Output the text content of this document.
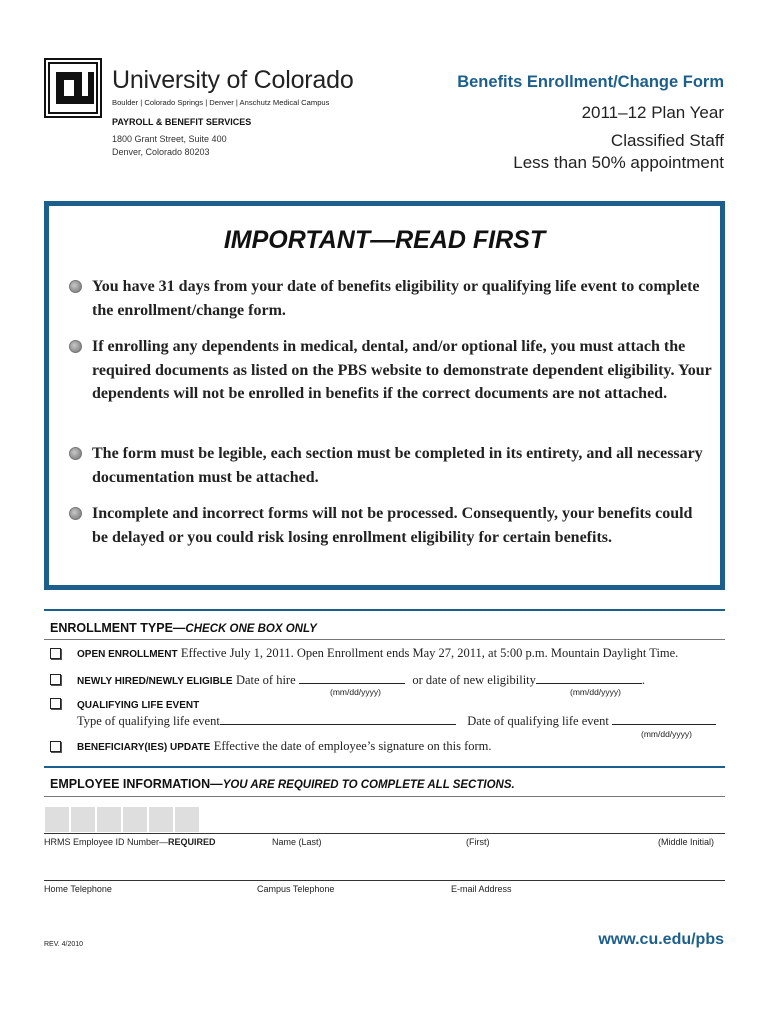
University of Colorado
Boulder | Colorado Springs | Denver | Anschutz Medical Campus
PAYROLL & BENEFIT SERVICES
1800 Grant Street, Suite 400
Denver, Colorado 80203
Benefits Enrollment/Change Form
2011–12 Plan Year
Classified Staff
Less than 50% appointment
IMPORTANT—READ FIRST
You have 31 days from your date of benefits eligibility or qualifying life event to complete the enrollment/change form.
If enrolling any dependents in medical, dental, and/or optional life, you must attach the required documents as listed on the PBS website to demonstrate dependent eligibility. Your dependents will not be enrolled in benefits if the correct documents are not attached.
The form must be legible, each section must be completed in its entirety, and all necessary documentation must be attached.
Incomplete and incorrect forms will not be processed. Consequently, your benefits could be delayed or you could risk losing enrollment eligibility for certain benefits.
ENROLLMENT TYPE—CHECK ONE BOX ONLY
OPEN ENROLLMENT Effective July 1, 2011. Open Enrollment ends May 27, 2011, at 5:00 p.m. Mountain Daylight Time.
NEWLY HIRED/NEWLY ELIGIBLE Date of hire	or date of new eligibility	.
(mm/dd/yyyy)	(mm/dd/yyyy)
QUALIFYING LIFE EVENT
Type of qualifying life event	Date of qualifying life event
(mm/dd/yyyy)
BENEFICIARY(IES) UPDATE Effective the date of employee’s signature on this form.
EMPLOYEE INFORMATION—YOU ARE REQUIRED TO COMPLETE ALL SECTIONS.
HRMS Employee ID Number—REQUIRED	Name (Last)	(First)	(Middle Initial)
Home Telephone	Campus Telephone	E-mail Address
REV. 4/2010	www.cu.edu/pbs
